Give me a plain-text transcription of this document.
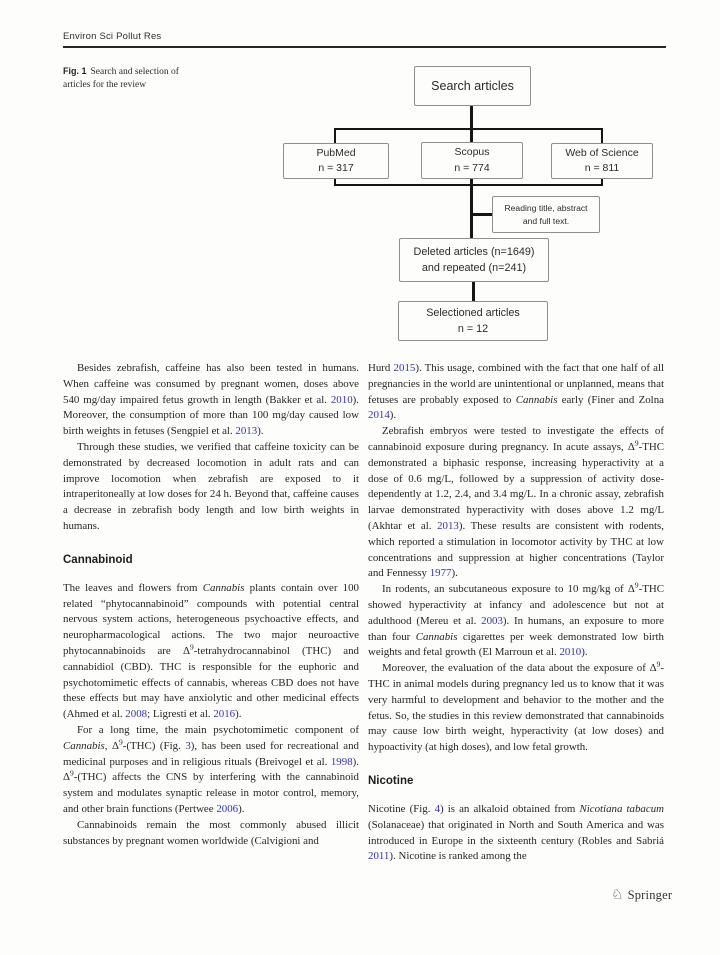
Environ Sci Pollut Res
Fig. 1 Search and selection of articles for the review	Search articles
PubMed
n = 317
Scopus
n = 774
Web of Science
n = 811
Reading title, abstract
and full text.
Deleted articles (n=1649)
and repeated (n=241)
Selectioned articles
n = 12

Besides zebrafish, caffeine has also been tested in humans. When caffeine was consumed by pregnant women, doses above 540 mg/day impaired fetus growth in length (Bakker et al. 2010). Moreover, the consumption of more than 100 mg/day caused low birth weights in fetuses (Sengpiel et al. 2013).

Through these studies, we verified that caffeine toxicity can be demonstrated by decreased locomotion in adult rats and can improve locomotion when zebrafish are exposed to it intraperitoneally at low doses for 24 h. Beyond that, caffeine causes a decrease in zebrafish body length and low birth weights in humans.

Cannabinoid

The leaves and flowers from Cannabis plants contain over 100 related “phytocannabinoid” compounds with potential central nervous system actions, heterogeneous psychoactive effects, and neuropharmacological actions. The two major neuroactive phytocannabinoids are $\Delta^9$-tetrahydrocannabinol (THC) and cannabidiol (CBD). THC is responsible for the euphoric and psychotomimetic effects of cannabis, whereas CBD does not have these effects but may have anxiolytic and other medicinal effects (Ahmed et al. 2008; Ligresti et al. 2016).

For a long time, the main psychotomimetic component of Cannabis, $\Delta^9-(THC)$ (Fig. 3), has been used for recreational and medicinal purposes and in religious rituals (Breivogel et al. 1998). $\Delta^9-(THC)$ affects the CNS by interfering with the cannabinoid system and modulates synaptic release in motor control, memory, and other brain functions (Pertwee 2006).

Cannabinoids remain the most commonly abused illicit substances by pregnant women worldwide (Calvigioni and

Hurd 2015). This usage, combined with the fact that one half of all pregnancies in the world are unintentional or unplanned, means that fetuses are probably exposed to Cannabis early (Finer and Zolna 2014).

Zebrafish embryos were tested to investigate the effects of cannabinoid exposure during pregnancy. In acute assays, $\Delta^9$-THC demonstrated a biphasic response, increasing hyperactivity at a dose of 0.6 mg/L, followed by a suppression of activity dose-dependently at 1.2, 2.4, and 3.4 mg/L. In a chronic assay, zebrafish larvae demonstrated hyperactivity with doses above 1.2 mg/L (Akhtar et al. 2013). These results are consistent with rodents, which reported a stimulation in locomotor activity by THC at low concentrations and suppression at higher concentrations (Taylor and Fennessy 1977).

In rodents, an subcutaneous exposure to 10 mg/kg of $\Delta^9$-THC showed hyperactivity at infancy and adolescence but not at adulthood (Mereu et al. 2003). In humans, an exposure to more than four Cannabis cigarettes per week demonstrated low birth weights and fetal growth (El Marroun et al. 2010).

Moreover, the evaluation of the data about the exposure of $\Delta^9$-THC in animal models during pregnancy led us to know that it was very harmful to development and behavior to the mother and the fetus. So, the studies in this review demonstrated that cannabinoids may cause low birth weight, hyperactivity (at low doses) and hypoactivity (at high doses), and low fetal growth.

Nicotine

Nicotine (Fig. 4) is an alkaloid obtained from Nicotiana tabacum (Solanaceae) that originated in North and South America and was introduced in Europe in the sixteenth century (Robles and Sabriá 2011). Nicotine is ranked among the

♘ Springer
